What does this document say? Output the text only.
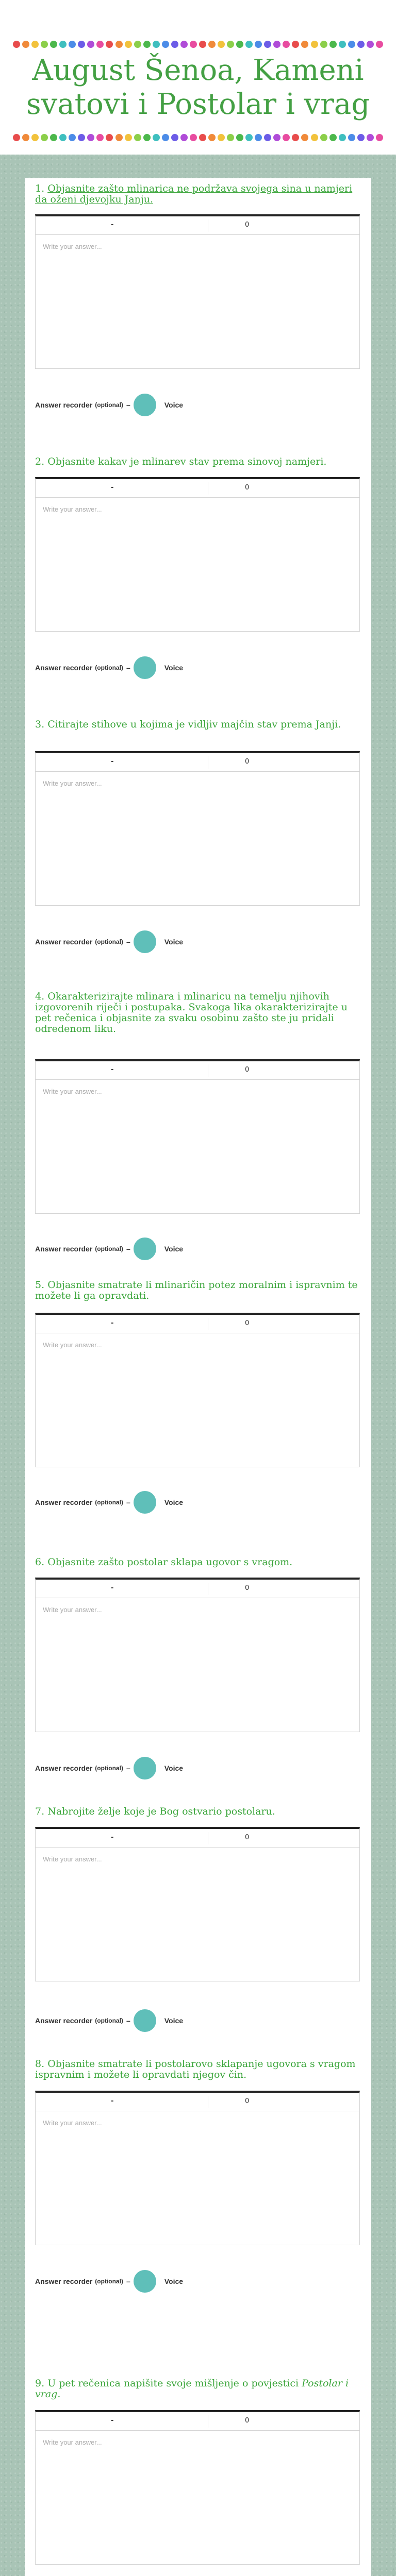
August Šenoa, Kameni svatovi i Postolar i vrag

1. Objasnite zašto mlinarica ne podržava svojega sina u namjeri da oženi djevojku Janju.

-	0
Write your answer...
Answer recorder (optional) –	Voice

2. Objasnite kakav je mlinarev stav prema sinovoj namjeri.

-	0
Write your answer...
Answer recorder (optional) –	Voice

3. Citirajte stihove u kojima je vidljiv majčin stav prema Janji.

-	0
Write your answer...
Answer recorder (optional) –	Voice

4. Okarakterizirajte mlinara i mlinaricu na temelju njihovih izgovorenih riječi i postupaka. Svakoga lika okarakterizirajte u pet rečenica i objasnite za svaku osobinu zašto ste ju pridali određenom liku.

-	0
Write your answer...
Answer recorder (optional) –	Voice

5. Objasnite smatrate li mlinaričin potez moralnim i ispravnim te možete li ga opravdati.

-	0
Write your answer...
Answer recorder (optional) –	Voice

6. Objasnite zašto postolar sklapa ugovor s vragom.

-	0
Write your answer...
Answer recorder (optional) –	Voice

7. Nabrojite želje koje je Bog ostvario postolaru.

-	0
Write your answer...
Answer recorder (optional) –	Voice

8. Objasnite smatrate li postolarovo sklapanje ugovora s vragom ispravnim i možete li opravdati njegov čin.

-	0
Write your answer...
Answer recorder (optional) –	Voice

9. U pet rečenica napišite svoje mišljenje o povjestici Postolar i vrag.

-	0
Write your answer...
